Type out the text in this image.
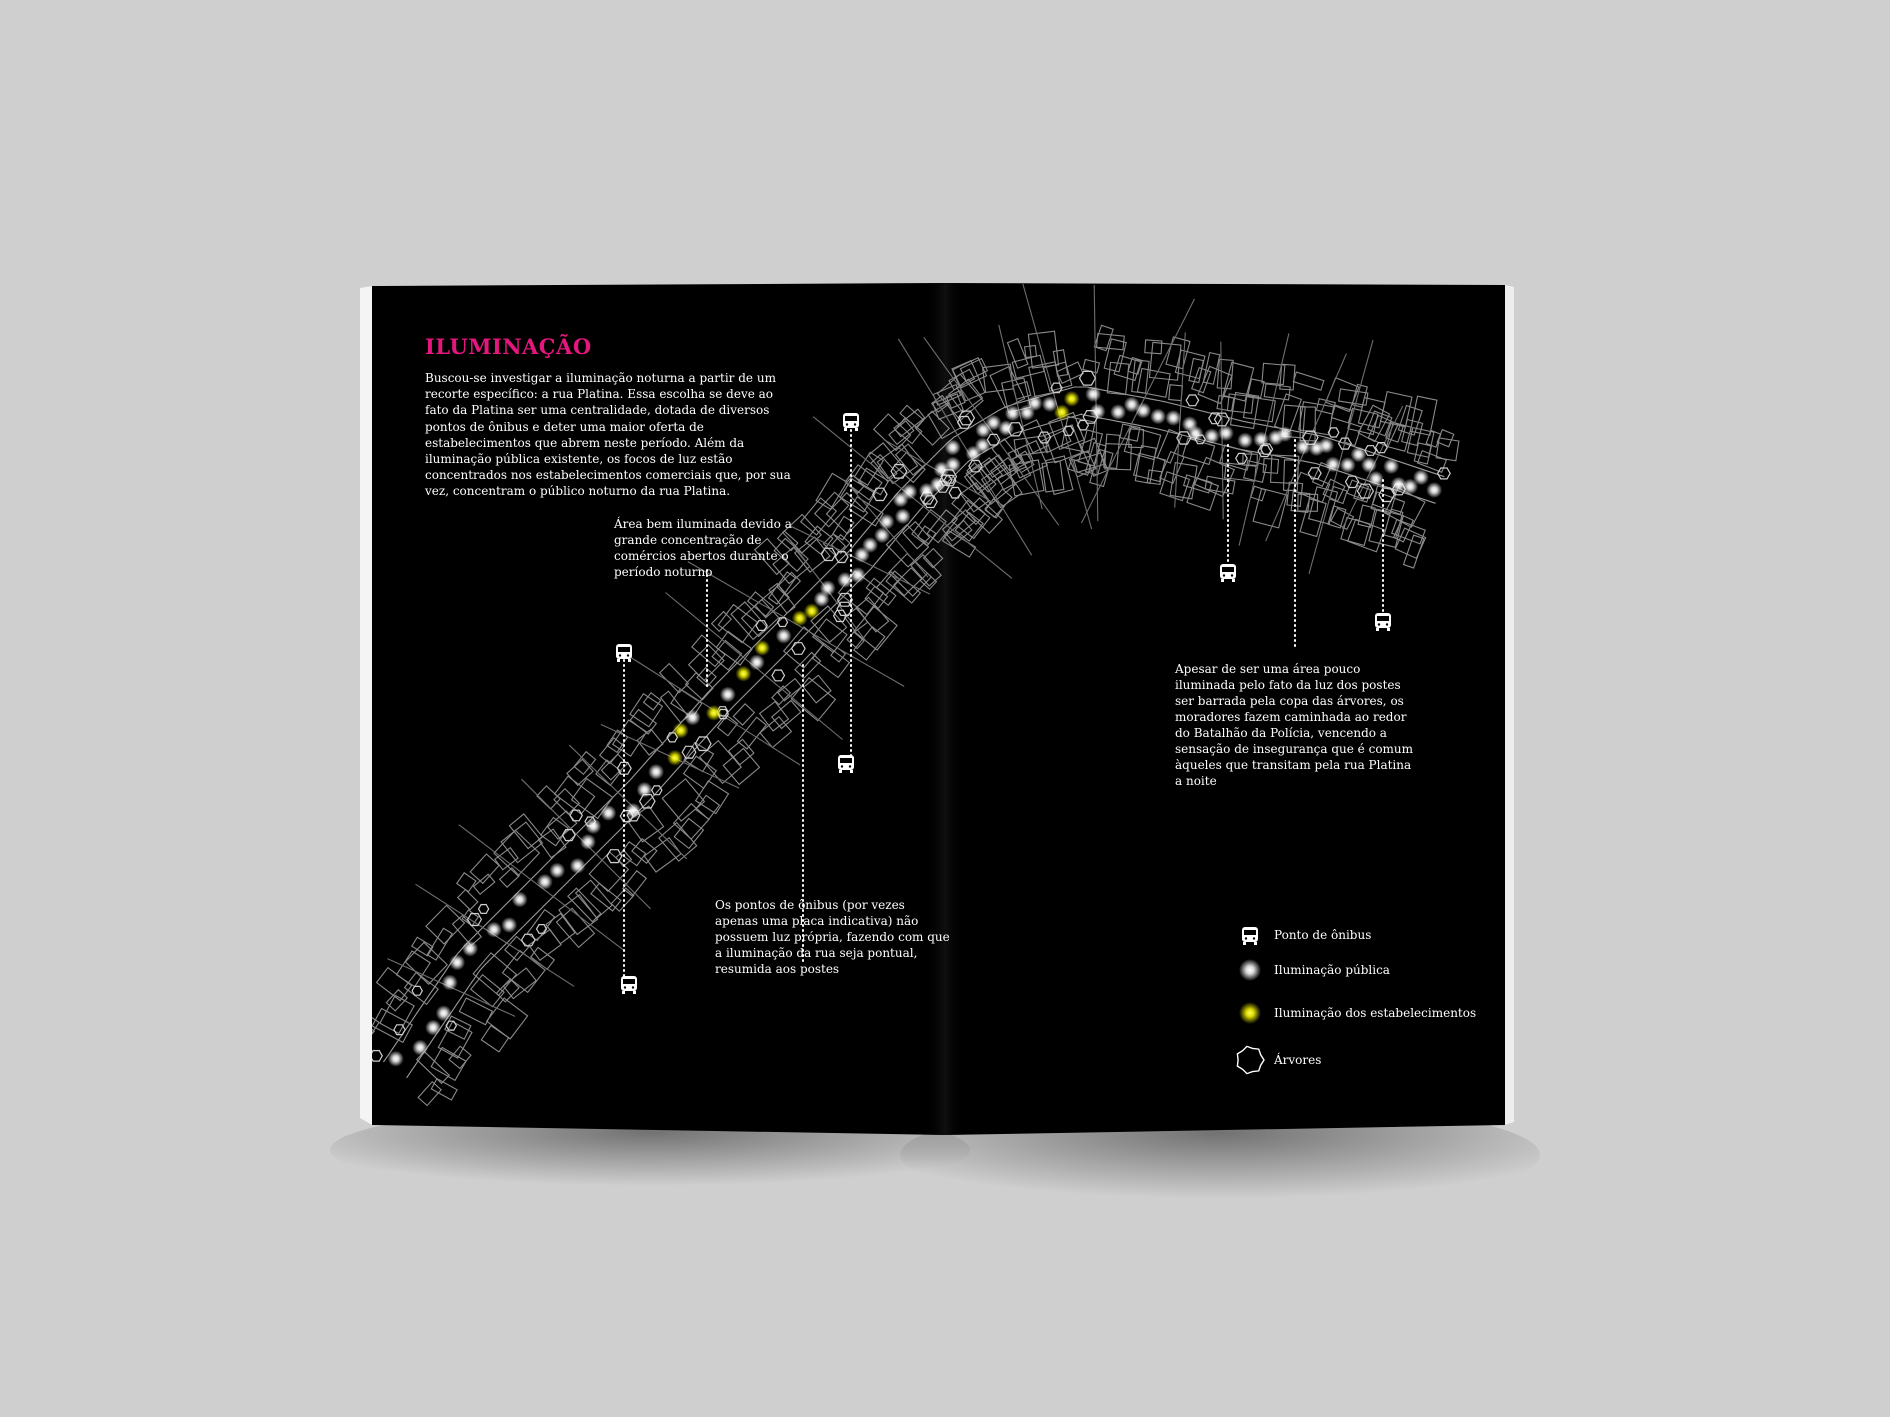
ILUMINAÇÃO
Buscou-se investigar a iluminação noturna a partir de um recorte específico: a rua Platina. Essa escolha se deve ao fato da Platina ser uma centralidade, dotada de diversos pontos de ônibus e deter uma maior oferta de estabelecimentos que abrem neste período. Além da iluminação pública existente, os focos de luz estão concentrados nos estabelecimentos comerciais que, por sua vez, concentram o público noturno da rua Platina.
Área bem iluminada devido a grande concentração de comércios abertos durante o período noturno
Os pontos de ônibus (por vezes apenas uma placa indicativa) não possuem luz própria, fazendo com que a iluminação da rua seja pontual, resumida aos postes
Apesar de ser uma área pouco iluminada pelo fato da luz dos postes ser barrada pela copa das árvores, os moradores fazem caminhada ao redor do Batalhão da Polícia, vencendo a sensação de insegurança que é comum àqueles que transitam pela rua Platina a noite
Ponto de ônibus
Iluminação pública
Iluminação dos estabelecimentos
Árvores
